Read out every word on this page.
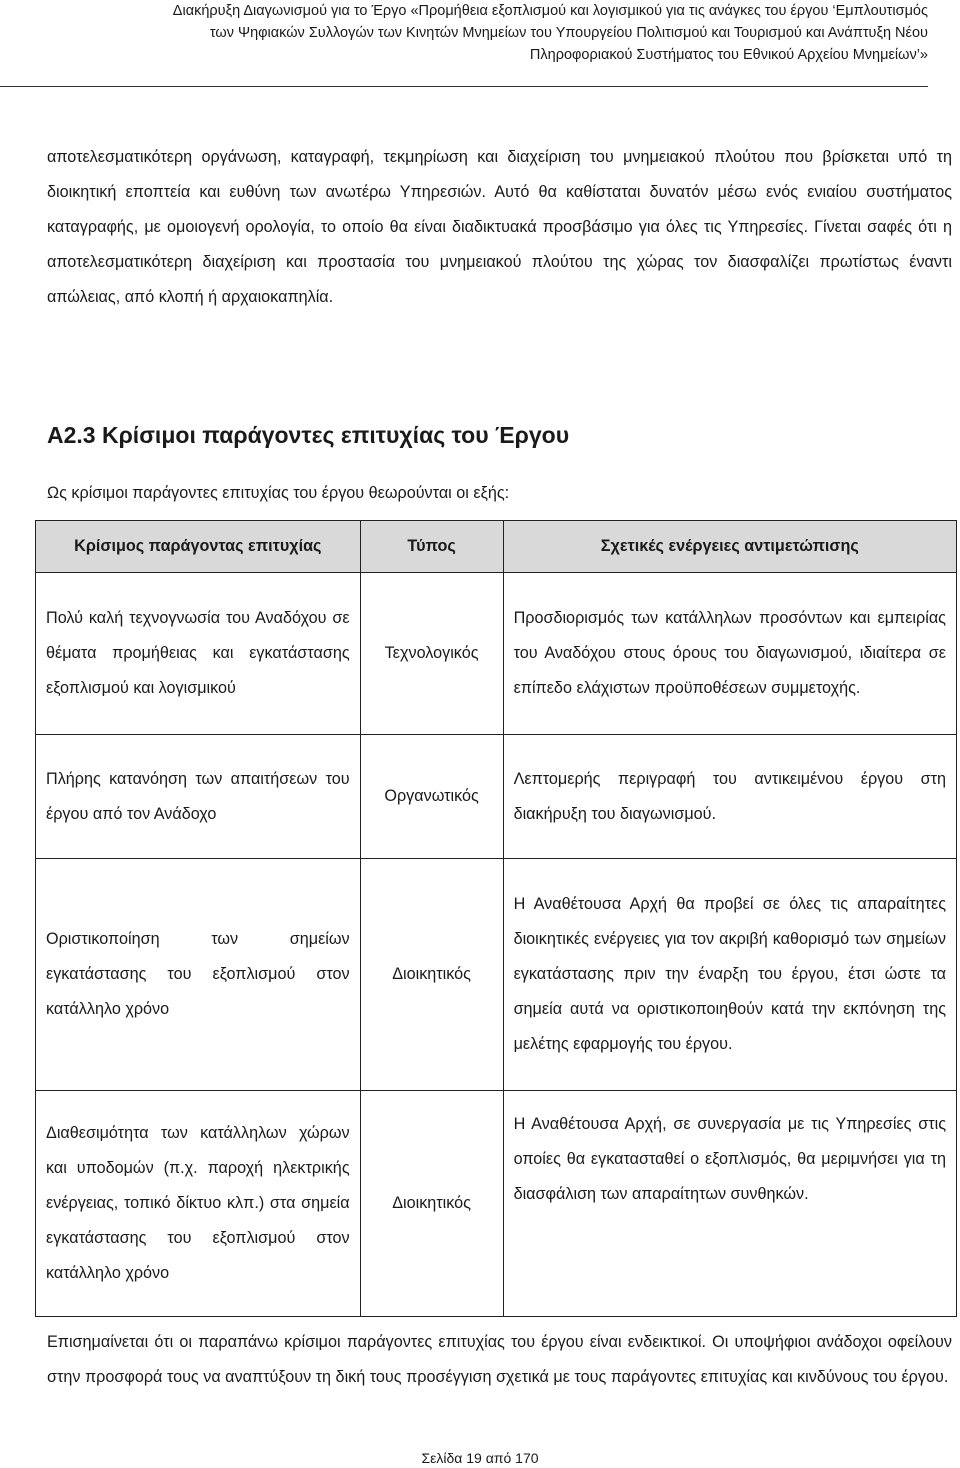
Διακήρυξη Διαγωνισμού για το Έργο «Προμήθεια εξοπλισμού και λογισμικού για τις ανάγκες του έργου ‘Εμπλουτισμός
των Ψηφιακών Συλλογών των Κινητών Μνημείων του Υπουργείου Πολιτισμού και Τουρισμού και Ανάπτυξη Νέου
Πληροφοριακού Συστήματος του Εθνικού Αρχείου Μνημείων’»
αποτελεσματικότερη οργάνωση, καταγραφή, τεκμηρίωση και διαχείριση του μνημειακού πλούτου που βρίσκεται υπό τη διοικητική εποπτεία και ευθύνη των ανωτέρω Υπηρεσιών. Αυτό θα καθίσταται δυνατόν μέσω ενός ενιαίου συστήματος καταγραφής, με ομοιογενή ορολογία, το οποίο θα είναι διαδικτυακά προσβάσιμο για όλες τις Υπηρεσίες. Γίνεται σαφές ότι η αποτελεσματικότερη διαχείριση και προστασία του μνημειακού πλούτου της χώρας τον διασφαλίζει πρωτίστως έναντι απώλειας, από κλοπή ή αρχαιοκαπηλία.
Α2.3 Κρίσιμοι παράγοντες επιτυχίας του Έργου
Ως κρίσιμοι παράγοντες επιτυχίας του έργου θεωρούνται οι εξής:
Κρίσιμος παράγοντας επιτυχίας	Τύπος	Σχετικές ενέργειες αντιμετώπισης
Πολύ καλή τεχνογνωσία του Αναδόχου σε θέματα προμήθειας και εγκατάστασης εξοπλισμού και λογισμικού	Τεχνολογικός	Προσδιορισμός των κατάλληλων προσόντων και εμπειρίας του Αναδόχου στους όρους του διαγωνισμού, ιδιαίτερα σε επίπεδο ελάχιστων προϋποθέσεων συμμετοχής.
Πλήρης κατανόηση των απαιτήσεων του έργου από τον Ανάδοχο	Οργανωτικός	Λεπτομερής περιγραφή του αντικειμένου έργου στη διακήρυξη του διαγωνισμού.
Οριστικοποίηση των σημείων εγκατάστασης του εξοπλισμού στον κατάλληλο χρόνο	Διοικητικός	Η Αναθέτουσα Αρχή θα προβεί σε όλες τις απαραίτητες διοικητικές ενέργειες για τον ακριβή καθορισμό των σημείων εγκατάστασης πριν την έναρξη του έργου, έτσι ώστε τα σημεία αυτά να οριστικοποιηθούν κατά την εκπόνηση της μελέτης εφαρμογής του έργου.
Διαθεσιμότητα των κατάλληλων χώρων και υποδομών (π.χ. παροχή ηλεκτρικής ενέργειας, τοπικό δίκτυο κλπ.) στα σημεία εγκατάστασης του εξοπλισμού στον κατάλληλο χρόνο	Διοικητικός	Η Αναθέτουσα Αρχή, σε συνεργασία με τις Υπηρεσίες στις οποίες θα εγκατασταθεί ο εξοπλισμός, θα μεριμνήσει για τη διασφάλιση των απαραίτητων συνθηκών.
Επισημαίνεται ότι οι παραπάνω κρίσιμοι παράγοντες επιτυχίας του έργου είναι ενδεικτικοί. Οι υποψήφιοι ανάδοχοι οφείλουν στην προσφορά τους να αναπτύξουν τη δική τους προσέγγιση σχετικά με τους παράγοντες επιτυχίας και κινδύνους του έργου.
Σελίδα 19 από 170
